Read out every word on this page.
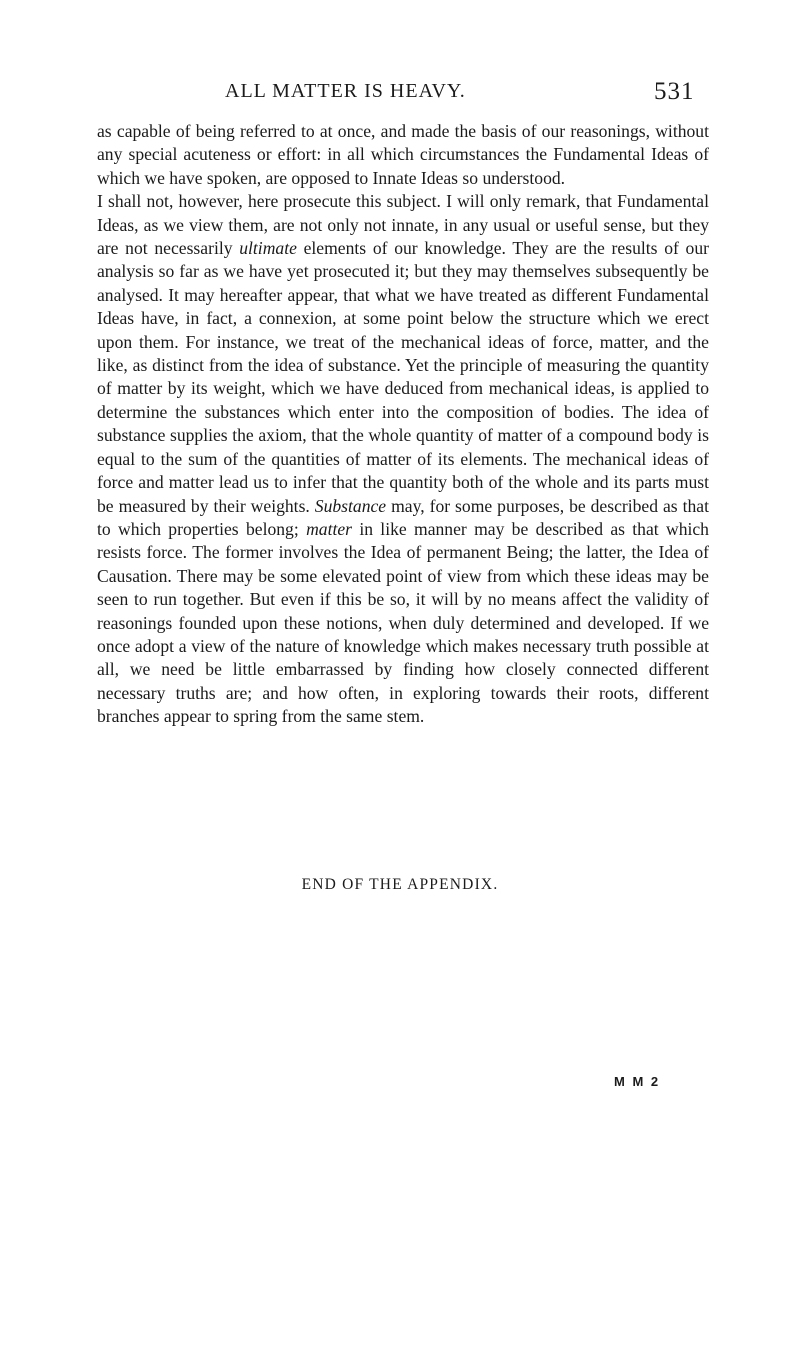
ALL MATTER IS HEAVY.	531

as capable of being referred to at once, and made the basis of our reasonings, without any special acuteness or effort: in all which circumstances the Fundamental Ideas of which we have spoken, are opposed to Innate Ideas so understood.

I shall not, however, here prosecute this subject. I will only remark, that Fundamental Ideas, as we view them, are not only not innate, in any usual or useful sense, but they are not necessarily ultimate elements of our knowledge. They are the results of our analysis so far as we have yet prosecuted it; but they may themselves subsequently be analysed. It may hereafter appear, that what we have treated as different Fundamental Ideas have, in fact, a connexion, at some point below the structure which we erect upon them. For instance, we treat of the mechanical ideas of force, matter, and the like, as distinct from the idea of substance. Yet the principle of measuring the quantity of matter by its weight, which we have deduced from mechanical ideas, is applied to determine the substances which enter into the composition of bodies. The idea of substance supplies the axiom, that the whole quantity of matter of a compound body is equal to the sum of the quantities of matter of its elements. The mechanical ideas of force and matter lead us to infer that the quantity both of the whole and its parts must be measured by their weights. Substance may, for some purposes, be described as that to which properties belong; matter in like manner may be described as that which resists force. The former involves the Idea of permanent Being; the latter, the Idea of Causation. There may be some elevated point of view from which these ideas may be seen to run together. But even if this be so, it will by no means affect the validity of reasonings founded upon these notions, when duly determined and developed. If we once adopt a view of the nature of knowledge which makes necessary truth possible at all, we need be little embarrassed by finding how closely connected different necessary truths are; and how often, in exploring towards their roots, different branches appear to spring from the same stem.

END OF THE APPENDIX.
M M 2
